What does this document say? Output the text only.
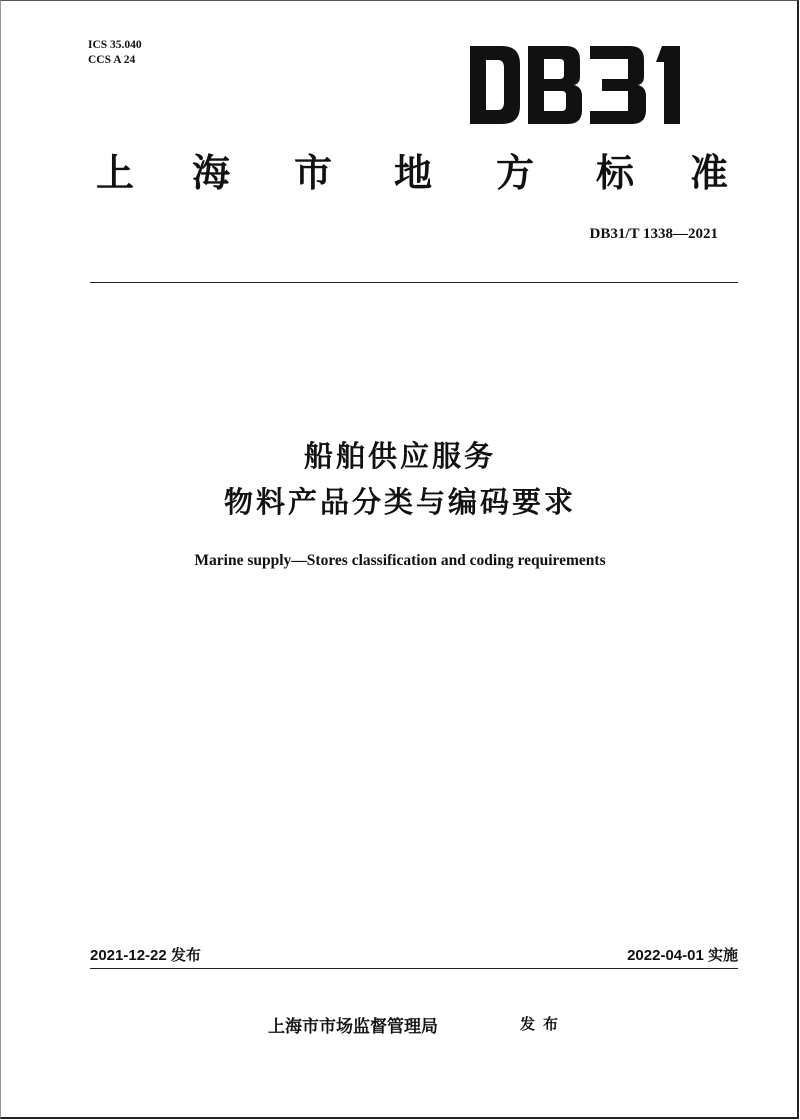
ICS 35.040
CCS A 24
上 海 市 地 方 标 准
DB31/T 1338—2021
船舶供应服务
物料产品分类与编码要求
Marine supply—Stores classification and coding requirements
2021-12-22 发布	2022-04-01 实施
上海市市场监督管理局	发布
